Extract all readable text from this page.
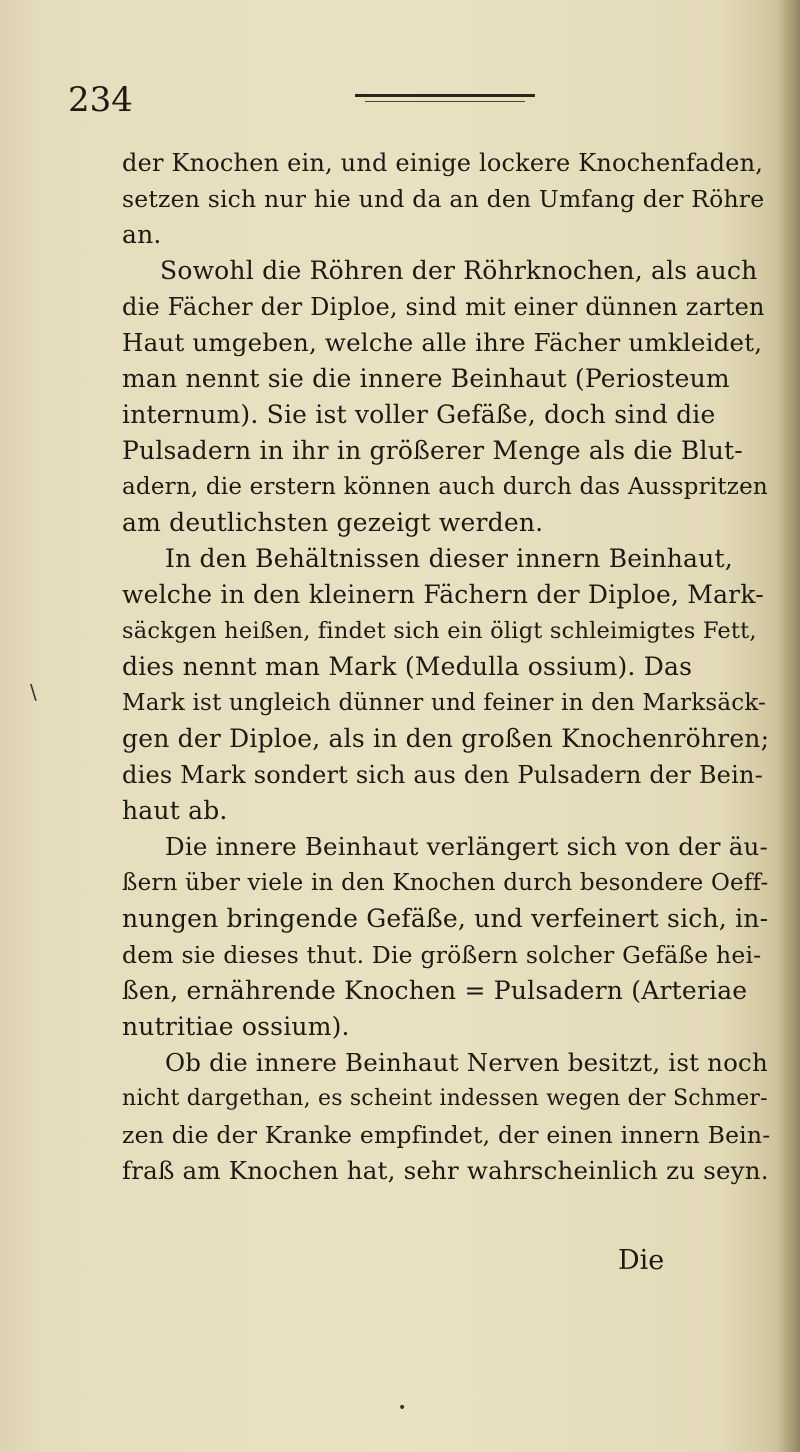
234
der Knochen ein, und einige lockere Knochenfaden,
setzen sich nur hie und da an den Umfang der Röhre
an.
Sowohl die Röhren der Röhrknochen, als auch
die Fächer der Diploe, sind mit einer dünnen zarten
Haut umgeben, welche alle ihre Fächer umkleidet,
man nennt sie die innere Beinhaut (Periosteum
internum). Sie ist voller Gefäße, doch sind die
Pulsadern in ihr in größerer Menge als die Blut-
adern, die erstern können auch durch das Ausspritzen
am deutlichsten gezeigt werden.
In den Behältnissen dieser innern Beinhaut,
welche in den kleinern Fächern der Diploe, Mark-
säckgen heißen, findet sich ein öligt schleimigtes Fett,
dies nennt man Mark (Medulla ossium). Das
Mark ist ungleich dünner und feiner in den Marksäck-
gen der Diploe, als in den großen Knochenröhren;
dies Mark sondert sich aus den Pulsadern der Bein-
haut ab.
Die innere Beinhaut verlängert sich von der äu-
ßern über viele in den Knochen durch besondere Oeff-
nungen bringende Gefäße, und verfeinert sich, in-
dem sie dieses thut. Die größern solcher Gefäße hei-
ßen, ernährende Knochen = Pulsadern (Arteriae
nutritiae ossium).
Ob die innere Beinhaut Nerven besitzt, ist noch
nicht dargethan, es scheint indessen wegen der Schmer-
zen die der Kranke empfindet, der einen innern Bein-
fraß am Knochen hat, sehr wahrscheinlich zu seyn.
Die
\
•
